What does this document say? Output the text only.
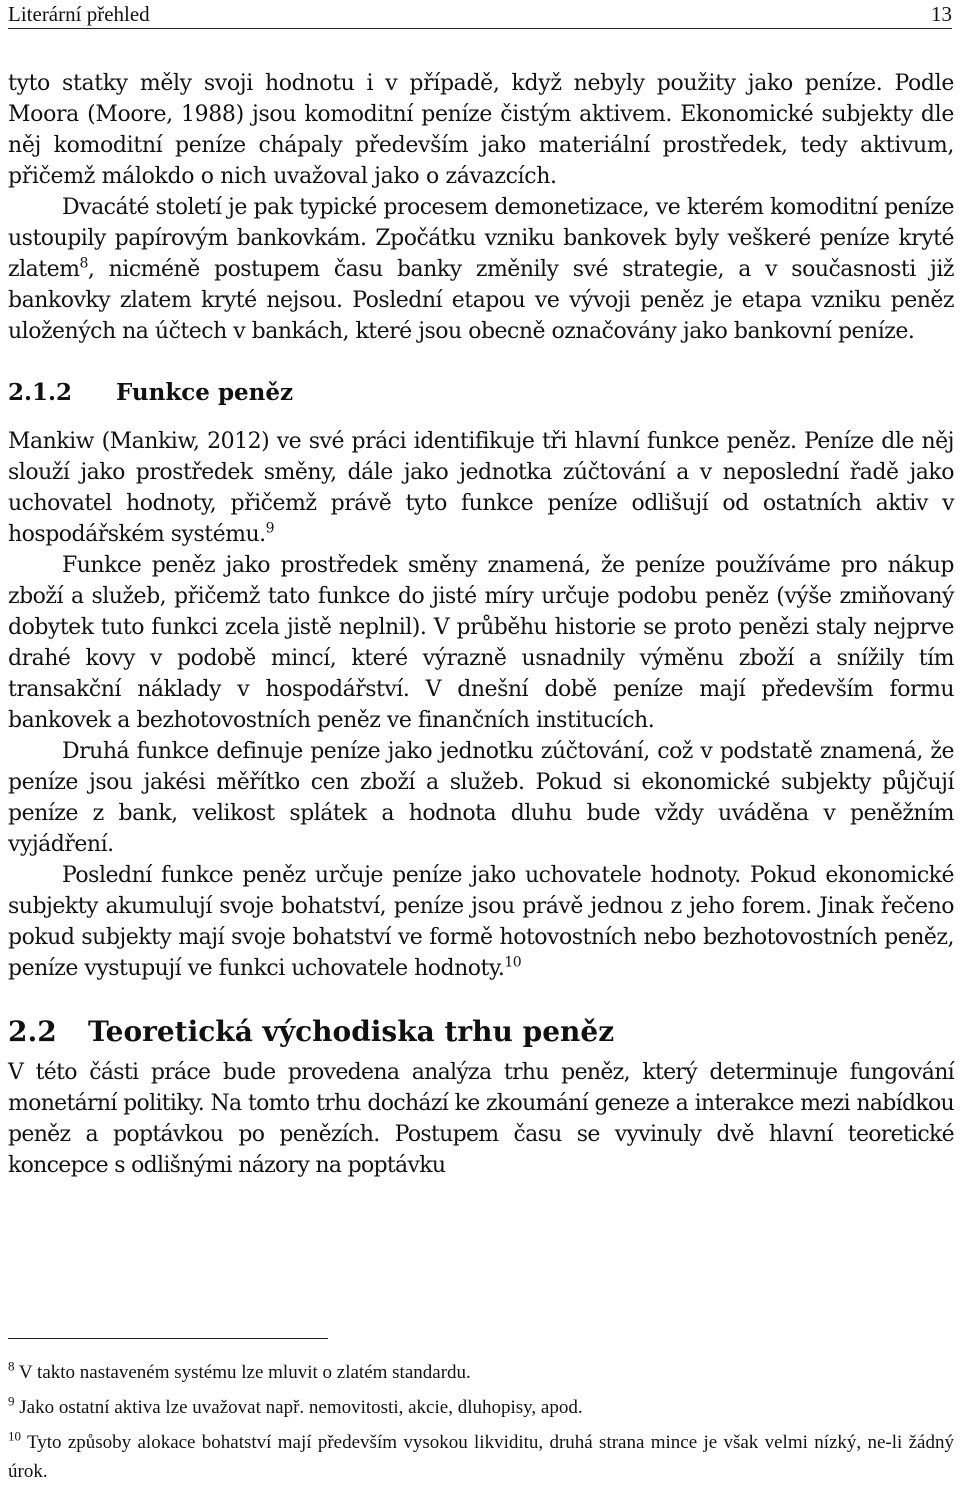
Literární přehled	13

tyto statky měly svoji hodnotu i v případě, když nebyly použity jako peníze. Podle Moora (Moore, 1988) jsou komoditní peníze čistým aktivem. Ekonomické subjekty dle něj komoditní peníze chápaly především jako materiální prostředek, tedy aktivum, přičemž málokdo o nich uvažoval jako o závazcích.

Dvacáté století je pak typické procesem demonetizace, ve kterém komoditní peníze ustoupily papírovým bankovkám. Zpočátku vzniku bankovek byly veškeré peníze kryté zlatem$^8$, nicméně postupem času banky změnily své strategie, a v současnosti již bankovky zlatem kryté nejsou. Poslední etapou ve vývoji peněz je etapa vzniku peněz uložených na účtech v bankách, které jsou obecně označovány jako bankovní peníze.

2.1.2	Funkce peněz

Mankiw (Mankiw, 2012) ve své práci identifikuje tři hlavní funkce peněz. Peníze dle něj slouží jako prostředek směny, dále jako jednotka zúčtování a v neposlední řadě jako uchovatel hodnoty, přičemž právě tyto funkce peníze odlišují od ostatních aktiv v hospodářském systému.$^9$

Funkce peněz jako prostředek směny znamená, že peníze používáme pro nákup zboží a služeb, přičemž tato funkce do jisté míry určuje podobu peněz (výše zmiňovaný dobytek tuto funkci zcela jistě neplnil). V průběhu historie se proto penězi staly nejprve drahé kovy v podobě mincí, které výrazně usnadnily výměnu zboží a snížily tím transakční náklady v hospodářství. V dnešní době peníze mají především formu bankovek a bezhotovostních peněz ve finančních institucích.

Druhá funkce definuje peníze jako jednotku zúčtování, což v podstatě znamená, že peníze jsou jakési měřítko cen zboží a služeb. Pokud si ekonomické subjekty půjčují peníze z bank, velikost splátek a hodnota dluhu bude vždy uváděna v peněžním vyjádření.

Poslední funkce peněz určuje peníze jako uchovatele hodnoty. Pokud ekonomické subjekty akumulují svoje bohatství, peníze jsou právě jednou z jeho forem. Jinak řečeno pokud subjekty mají svoje bohatství ve formě hotovostních nebo bezhotovostních peněz, peníze vystupují ve funkci uchovatele hodnoty.$^{10}$

2.2	Teoretická východiska trhu peněz

V této části práce bude provedena analýza trhu peněz, který determinuje fungování monetární politiky. Na tomto trhu dochází ke zkoumání geneze a interakce mezi nabídkou peněz a poptávkou po penězích. Postupem času se vyvinuly dvě hlavní teoretické koncepce s odlišnými názory na poptávku

$^8$ V takto nastaveném systému lze mluvit o zlatém standardu.

$^9$ Jako ostatní aktiva lze uvažovat např. nemovitosti, akcie, dluhopisy, apod.

$^{10}$ Tyto způsoby alokace bohatství mají především vysokou likviditu, druhá strana mince je však velmi nízký, ne-li žádný úrok.
